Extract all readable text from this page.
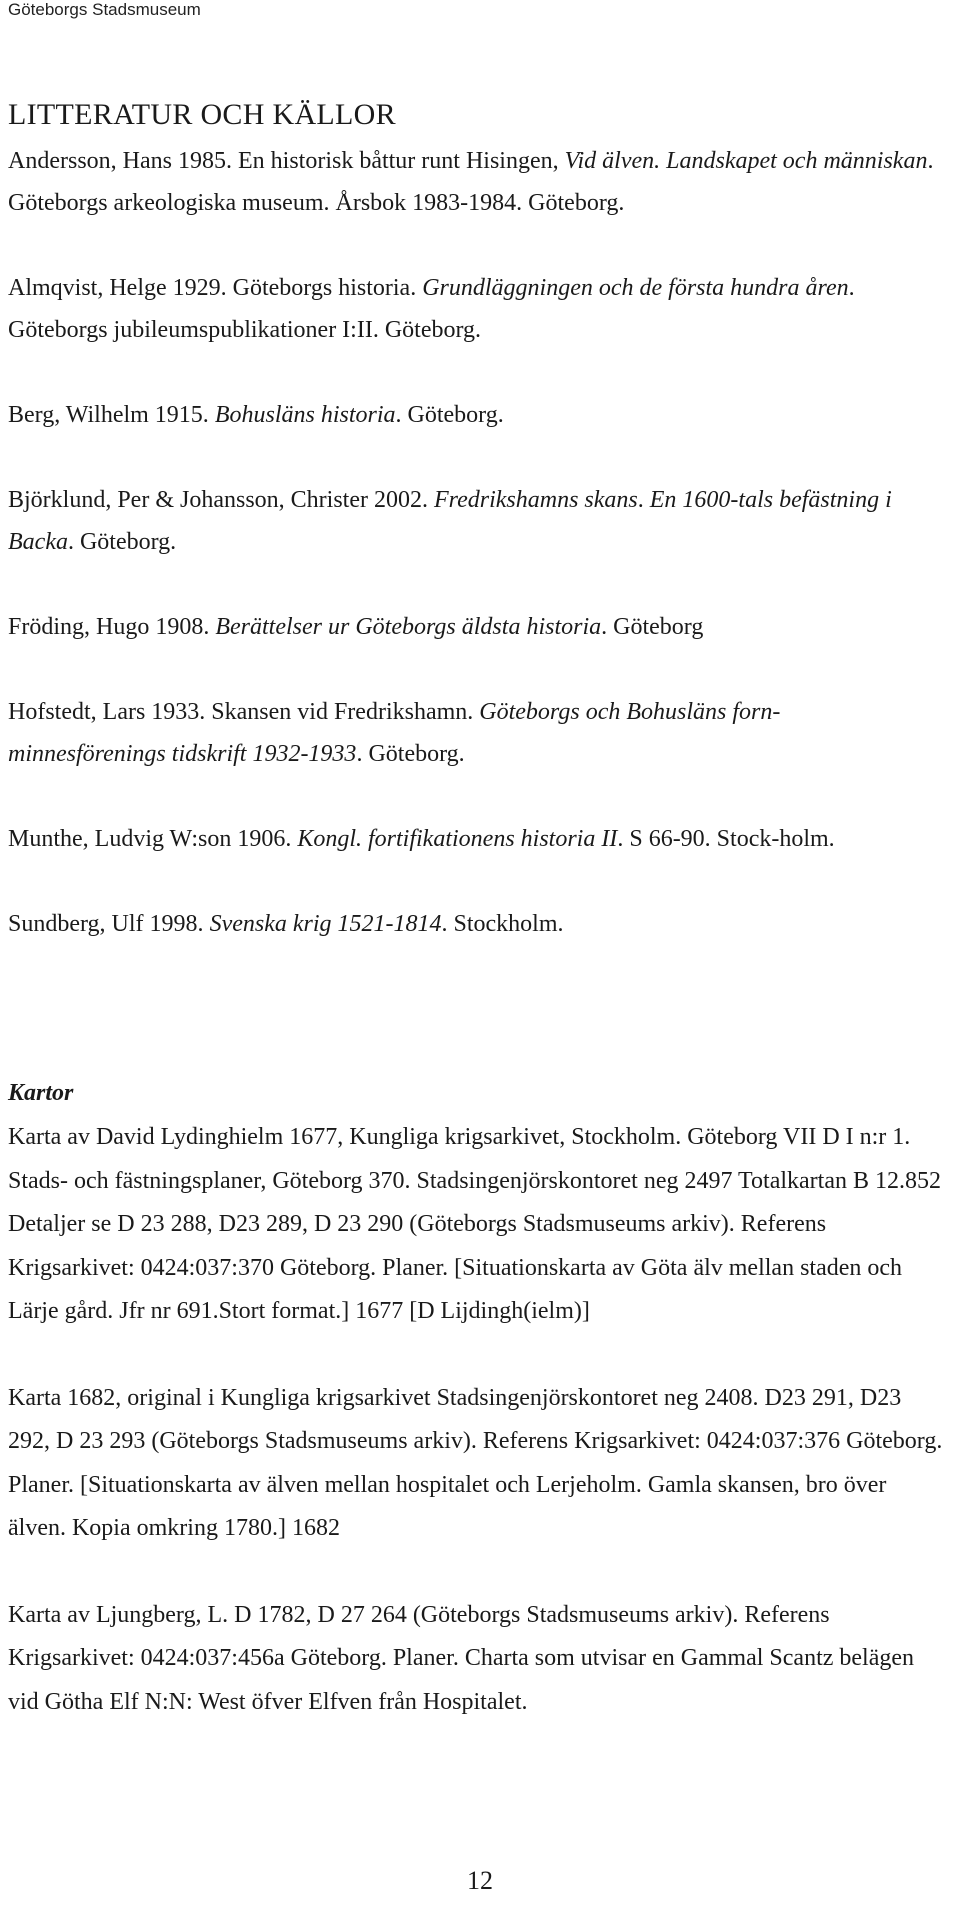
Göteborgs Stadsmuseum
LITTERATUR OCH KÄLLOR
Andersson, Hans 1985. En historisk båttur runt Hisingen, Vid älven. Landskapet och människan. Göteborgs arkeologiska museum. Årsbok 1983-1984. Göteborg.
Almqvist, Helge 1929. Göteborgs historia. Grundläggningen och de första hundra åren. Göteborgs jubileumspublikationer I:II. Göteborg.
Berg, Wilhelm 1915. Bohusläns historia. Göteborg.
Björklund, Per & Johansson, Christer 2002. Fredrikshamns skans. En 1600-tals befästning i Backa. Göteborg.
Fröding, Hugo 1908. Berättelser ur Göteborgs äldsta historia. Göteborg
Hofstedt, Lars 1933. Skansen vid Fredrikshamn. Göteborgs och Bohusläns forn-minnesförenings tidskrift 1932-1933. Göteborg.
Munthe, Ludvig W:son 1906. Kongl. fortifikationens historia II. S 66-90. Stock-holm.
Sundberg, Ulf 1998. Svenska krig 1521-1814. Stockholm.
Kartor
Karta av David Lydinghielm 1677, Kungliga krigsarkivet, Stockholm. Göteborg VII D I n:r 1. Stads- och fästningsplaner, Göteborg 370. Stadsingenjörskontoret neg 2497 Totalkartan B 12.852 Detaljer se D 23 288, D23 289, D 23 290 (Göteborgs Stadsmuseums arkiv). Referens Krigsarkivet: 0424:037:370 Göteborg. Planer. [Situationskarta av Göta älv mellan staden och Lärje gård. Jfr nr 691.Stort format.] 1677 [D Lijdingh(ielm)]
Karta 1682, original i Kungliga krigsarkivet Stadsingenjörskontoret neg 2408. D23 291, D23 292, D 23 293 (Göteborgs Stadsmuseums arkiv). Referens Krigsarkivet: 0424:037:376 Göteborg. Planer. [Situationskarta av älven mellan hospitalet och Lerjeholm. Gamla skansen, bro över älven. Kopia omkring 1780.] 1682
Karta av Ljungberg, L. D 1782, D 27 264 (Göteborgs Stadsmuseums arkiv). Referens Krigsarkivet: 0424:037:456a Göteborg. Planer. Charta som utvisar en Gammal Scantz belägen vid Götha Elf N:N: West öfver Elfven från Hospitalet.
12
